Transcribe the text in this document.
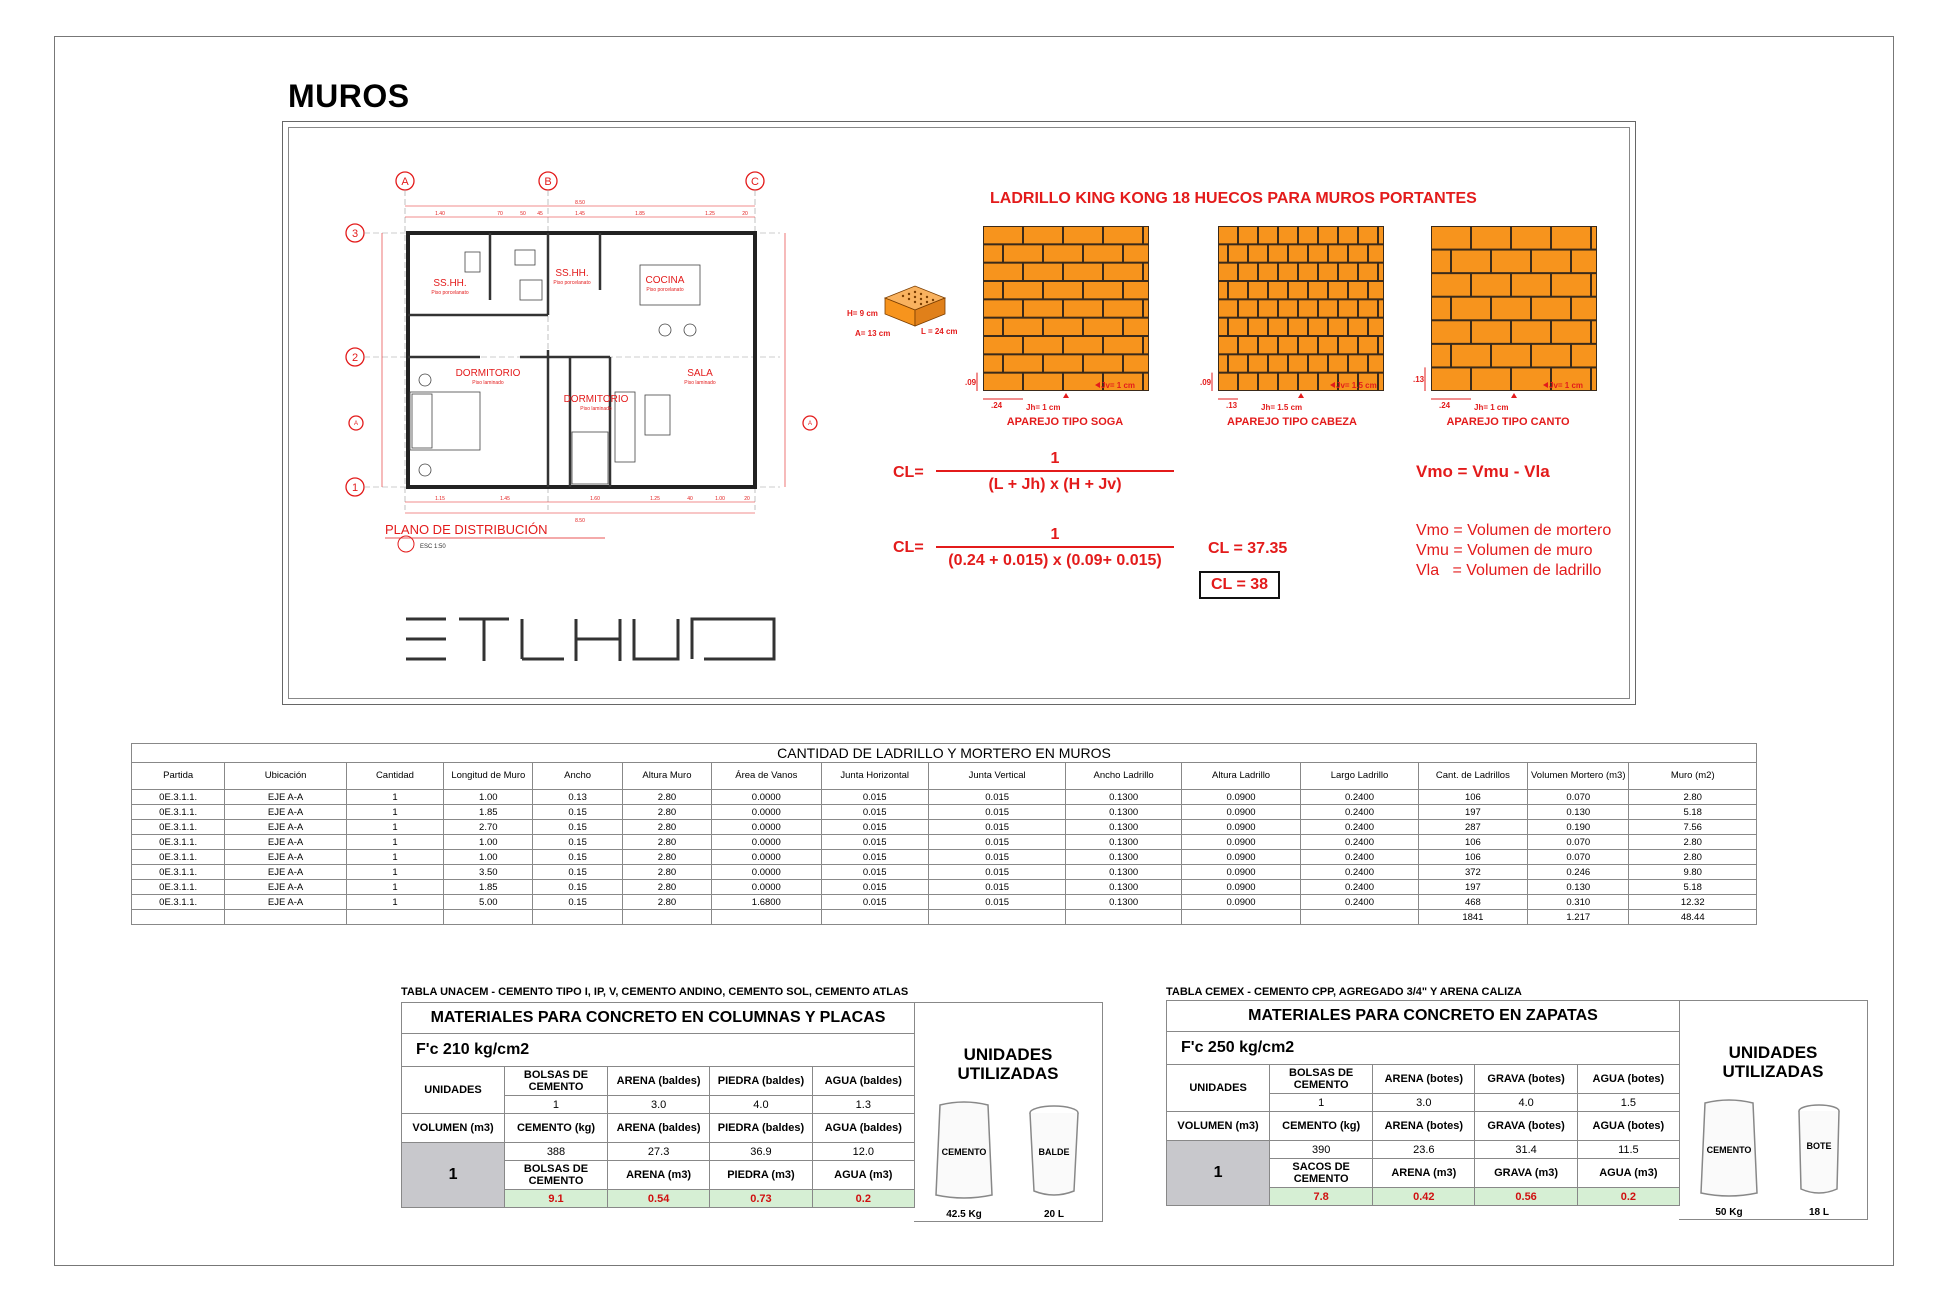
MUROS
A	B	C
3
2
1
A	A
8.50
8.50
1.40	70	50 45	1.45	1.85	1.25	20
1.15	1.45	1.60	1.25	40	1.00	20
SS.HH.
Piso porcelanato
SS.HH.
Piso porcelanato	COCINA
Piso porcelanato
DORMITORIO
Piso laminado
DORMITORIO
Piso laminado
SALA
Piso laminado
PLANO DE DISTRIBUCIÓN
ESC 1:50
LADRILLO KING KONG 18 HUECOS PARA MUROS PORTANTES
H= 9 cm
A= 13 cm	L = 24 cm
.24
.09
Jh= 1 cm
Jv= 1 cm
.13
.09
Jh= 1.5 cm
Jv= 1.5 cm
.24
.13
Jh= 1 cm
Jv= 1 cm
APAREJO TIPO SOGA	APAREJO TIPO CABEZA	APAREJO TIPO CANTO
$CL= \frac{1}{(L + Jh) x (H + Jv)}$
$CL= \frac{1}{(0.24 + 0.015) x (0.09+ 0.015)}$ CL = 37.35
CL = 38
Vmo = Vmu - Vla
Vmo = Volumen de mortero
Vmu = Volumen de muro
Vla   = Volumen de ladrillo
CANTIDAD DE LADRILLO Y MORTERO EN MUROS														
Partida	Ubicación	Cantidad	Longitud de Muro	Ancho	Altura Muro	Área de Vanos	Junta Horizontal	Junta Vertical	Ancho Ladrillo	Altura Ladrillo	Largo Ladrillo	Cant. de Ladrillos	Volumen Mortero (m3)	Muro (m2)
0E.3.1.1.	EJE A-A	1	1.00	0.13	2.80	0.0000	0.015	0.015	0.1300	0.0900	0.2400	106	0.070	2.80
0E.3.1.1.	EJE A-A	1	1.85	0.15	2.80	0.0000	0.015	0.015	0.1300	0.0900	0.2400	197	0.130	5.18
0E.3.1.1.	EJE A-A	1	2.70	0.15	2.80	0.0000	0.015	0.015	0.1300	0.0900	0.2400	287	0.190	7.56
0E.3.1.1.	EJE A-A	1	1.00	0.15	2.80	0.0000	0.015	0.015	0.1300	0.0900	0.2400	106	0.070	2.80
0E.3.1.1.	EJE A-A	1	1.00	0.15	2.80	0.0000	0.015	0.015	0.1300	0.0900	0.2400	106	0.070	2.80
0E.3.1.1.	EJE A-A	1	3.50	0.15	2.80	0.0000	0.015	0.015	0.1300	0.0900	0.2400	372	0.246	9.80
0E.3.1.1.	EJE A-A	1	1.85	0.15	2.80	0.0000	0.015	0.015	0.1300	0.0900	0.2400	197	0.130	5.18
0E.3.1.1.	EJE A-A	1	5.00	0.15	2.80	1.6800	0.015	0.015	0.1300	0.0900	0.2400	468	0.310	12.32
												1841	1.217	48.44
TABLA UNACEM - CEMENTO TIPO I, IP, V, CEMENTO ANDINO, CEMENTO SOL, CEMENTO ATLAS
MATERIALES PARA CONCRETO EN COLUMNAS Y PLACAS				
F'c 210 kg/cm2				
UNIDADES	BOLSAS DE CEMENTO	ARENA (baldes)	PIEDRA (baldes)	AGUA (baldes)
	1	3.0	4.0	1.3
VOLUMEN (m3)	CEMENTO (kg)	ARENA (baldes)	PIEDRA (baldes)	AGUA (baldes)
1	388	27.3	36.9	12.0
	BOLSAS DE CEMENTO	ARENA (m3)	PIEDRA (m3)	AGUA (m3)
	9.1	0.54	0.73	0.2
UNIDADES UTILIZADAS
CEMENTO	BALDE
42.5 Kg	20 L
TABLA CEMEX - CEMENTO CPP, AGREGADO 3/4" Y ARENA CALIZA
MATERIALES PARA CONCRETO EN ZAPATAS				
F'c 250 kg/cm2				
UNIDADES	BOLSAS DE CEMENTO	ARENA (botes)	GRAVA (botes)	AGUA (botes)
	1	3.0	4.0	1.5
VOLUMEN (m3)	CEMENTO (kg)	ARENA (botes)	GRAVA (botes)	AGUA (botes)
1	390	23.6	31.4	11.5
	SACOS DE CEMENTO	ARENA (m3)	GRAVA (m3)	AGUA (m3)
	7.8	0.42	0.56	0.2
UNIDADES UTILIZADAS
CEMENTO	BOTE
50 Kg	18 L
